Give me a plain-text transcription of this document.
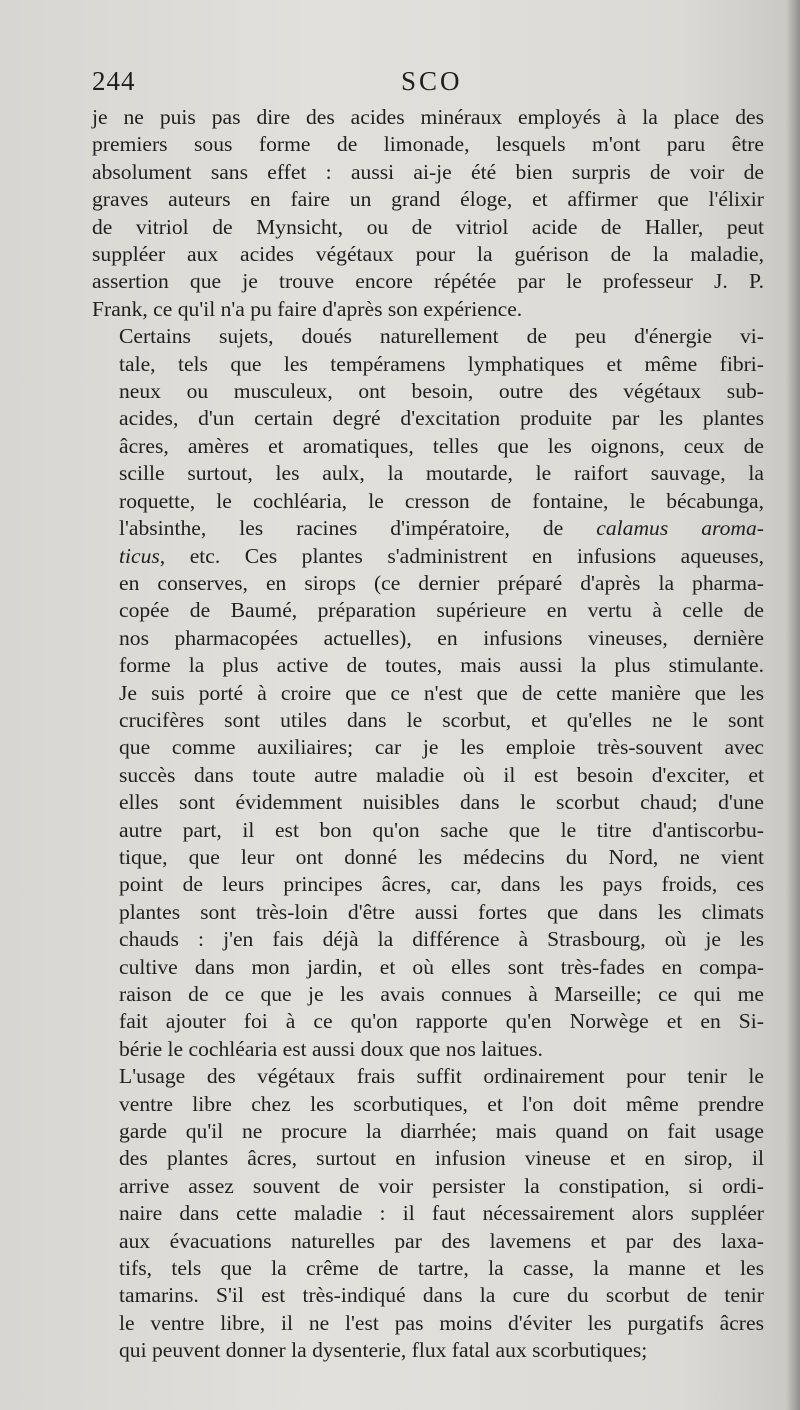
244	SCO
je ne puis pas dire des acides minéraux employés à la place des
premiers sous forme de limonade, lesquels m'ont paru être
absolument sans effet : aussi ai-je été bien surpris de voir de
graves auteurs en faire un grand éloge, et affirmer que l'élixir
de vitriol de Mynsicht, ou de vitriol acide de Haller, peut
suppléer aux acides végétaux pour la guérison de la maladie,
assertion que je trouve encore répétée par le professeur J. P.
Frank, ce qu'il n'a pu faire d'après son expérience.
Certains sujets, doués naturellement de peu d'énergie vi-
tale, tels que les tempéramens lymphatiques et même fibri-
neux ou musculeux, ont besoin, outre des végétaux sub-
acides, d'un certain degré d'excitation produite par les plantes
âcres, amères et aromatiques, telles que les oignons, ceux de
scille surtout, les aulx, la moutarde, le raifort sauvage, la
roquette, le cochléaria, le cresson de fontaine, le bécabunga,
l'absinthe, les racines d'impératoire, de calamus aroma-
ticus, etc. Ces plantes s'administrent en infusions aqueuses,
en conserves, en sirops (ce dernier préparé d'après la pharma-
copée de Baumé, préparation supérieure en vertu à celle de
nos pharmacopées actuelles), en infusions vineuses, dernière
forme la plus active de toutes, mais aussi la plus stimulante.
Je suis porté à croire que ce n'est que de cette manière que les
crucifères sont utiles dans le scorbut, et qu'elles ne le sont
que comme auxiliaires; car je les emploie très-souvent avec
succès dans toute autre maladie où il est besoin d'exciter, et
elles sont évidemment nuisibles dans le scorbut chaud; d'une
autre part, il est bon qu'on sache que le titre d'antiscorbu-
tique, que leur ont donné les médecins du Nord, ne vient
point de leurs principes âcres, car, dans les pays froids, ces
plantes sont très-loin d'être aussi fortes que dans les climats
chauds : j'en fais déjà la différence à Strasbourg, où je les
cultive dans mon jardin, et où elles sont très-fades en compa-
raison de ce que je les avais connues à Marseille; ce qui me
fait ajouter foi à ce qu'on rapporte qu'en Norwège et en Si-
bérie le cochléaria est aussi doux que nos laitues.
L'usage des végétaux frais suffit ordinairement pour tenir le
ventre libre chez les scorbutiques, et l'on doit même prendre
garde qu'il ne procure la diarrhée; mais quand on fait usage
des plantes âcres, surtout en infusion vineuse et en sirop, il
arrive assez souvent de voir persister la constipation, si ordi-
naire dans cette maladie : il faut nécessairement alors suppléer
aux évacuations naturelles par des lavemens et par des laxa-
tifs, tels que la crême de tartre, la casse, la manne et les
tamarins. S'il est très-indiqué dans la cure du scorbut de tenir
le ventre libre, il ne l'est pas moins d'éviter les purgatifs âcres
qui peuvent donner la dysenterie, flux fatal aux scorbutiques;
